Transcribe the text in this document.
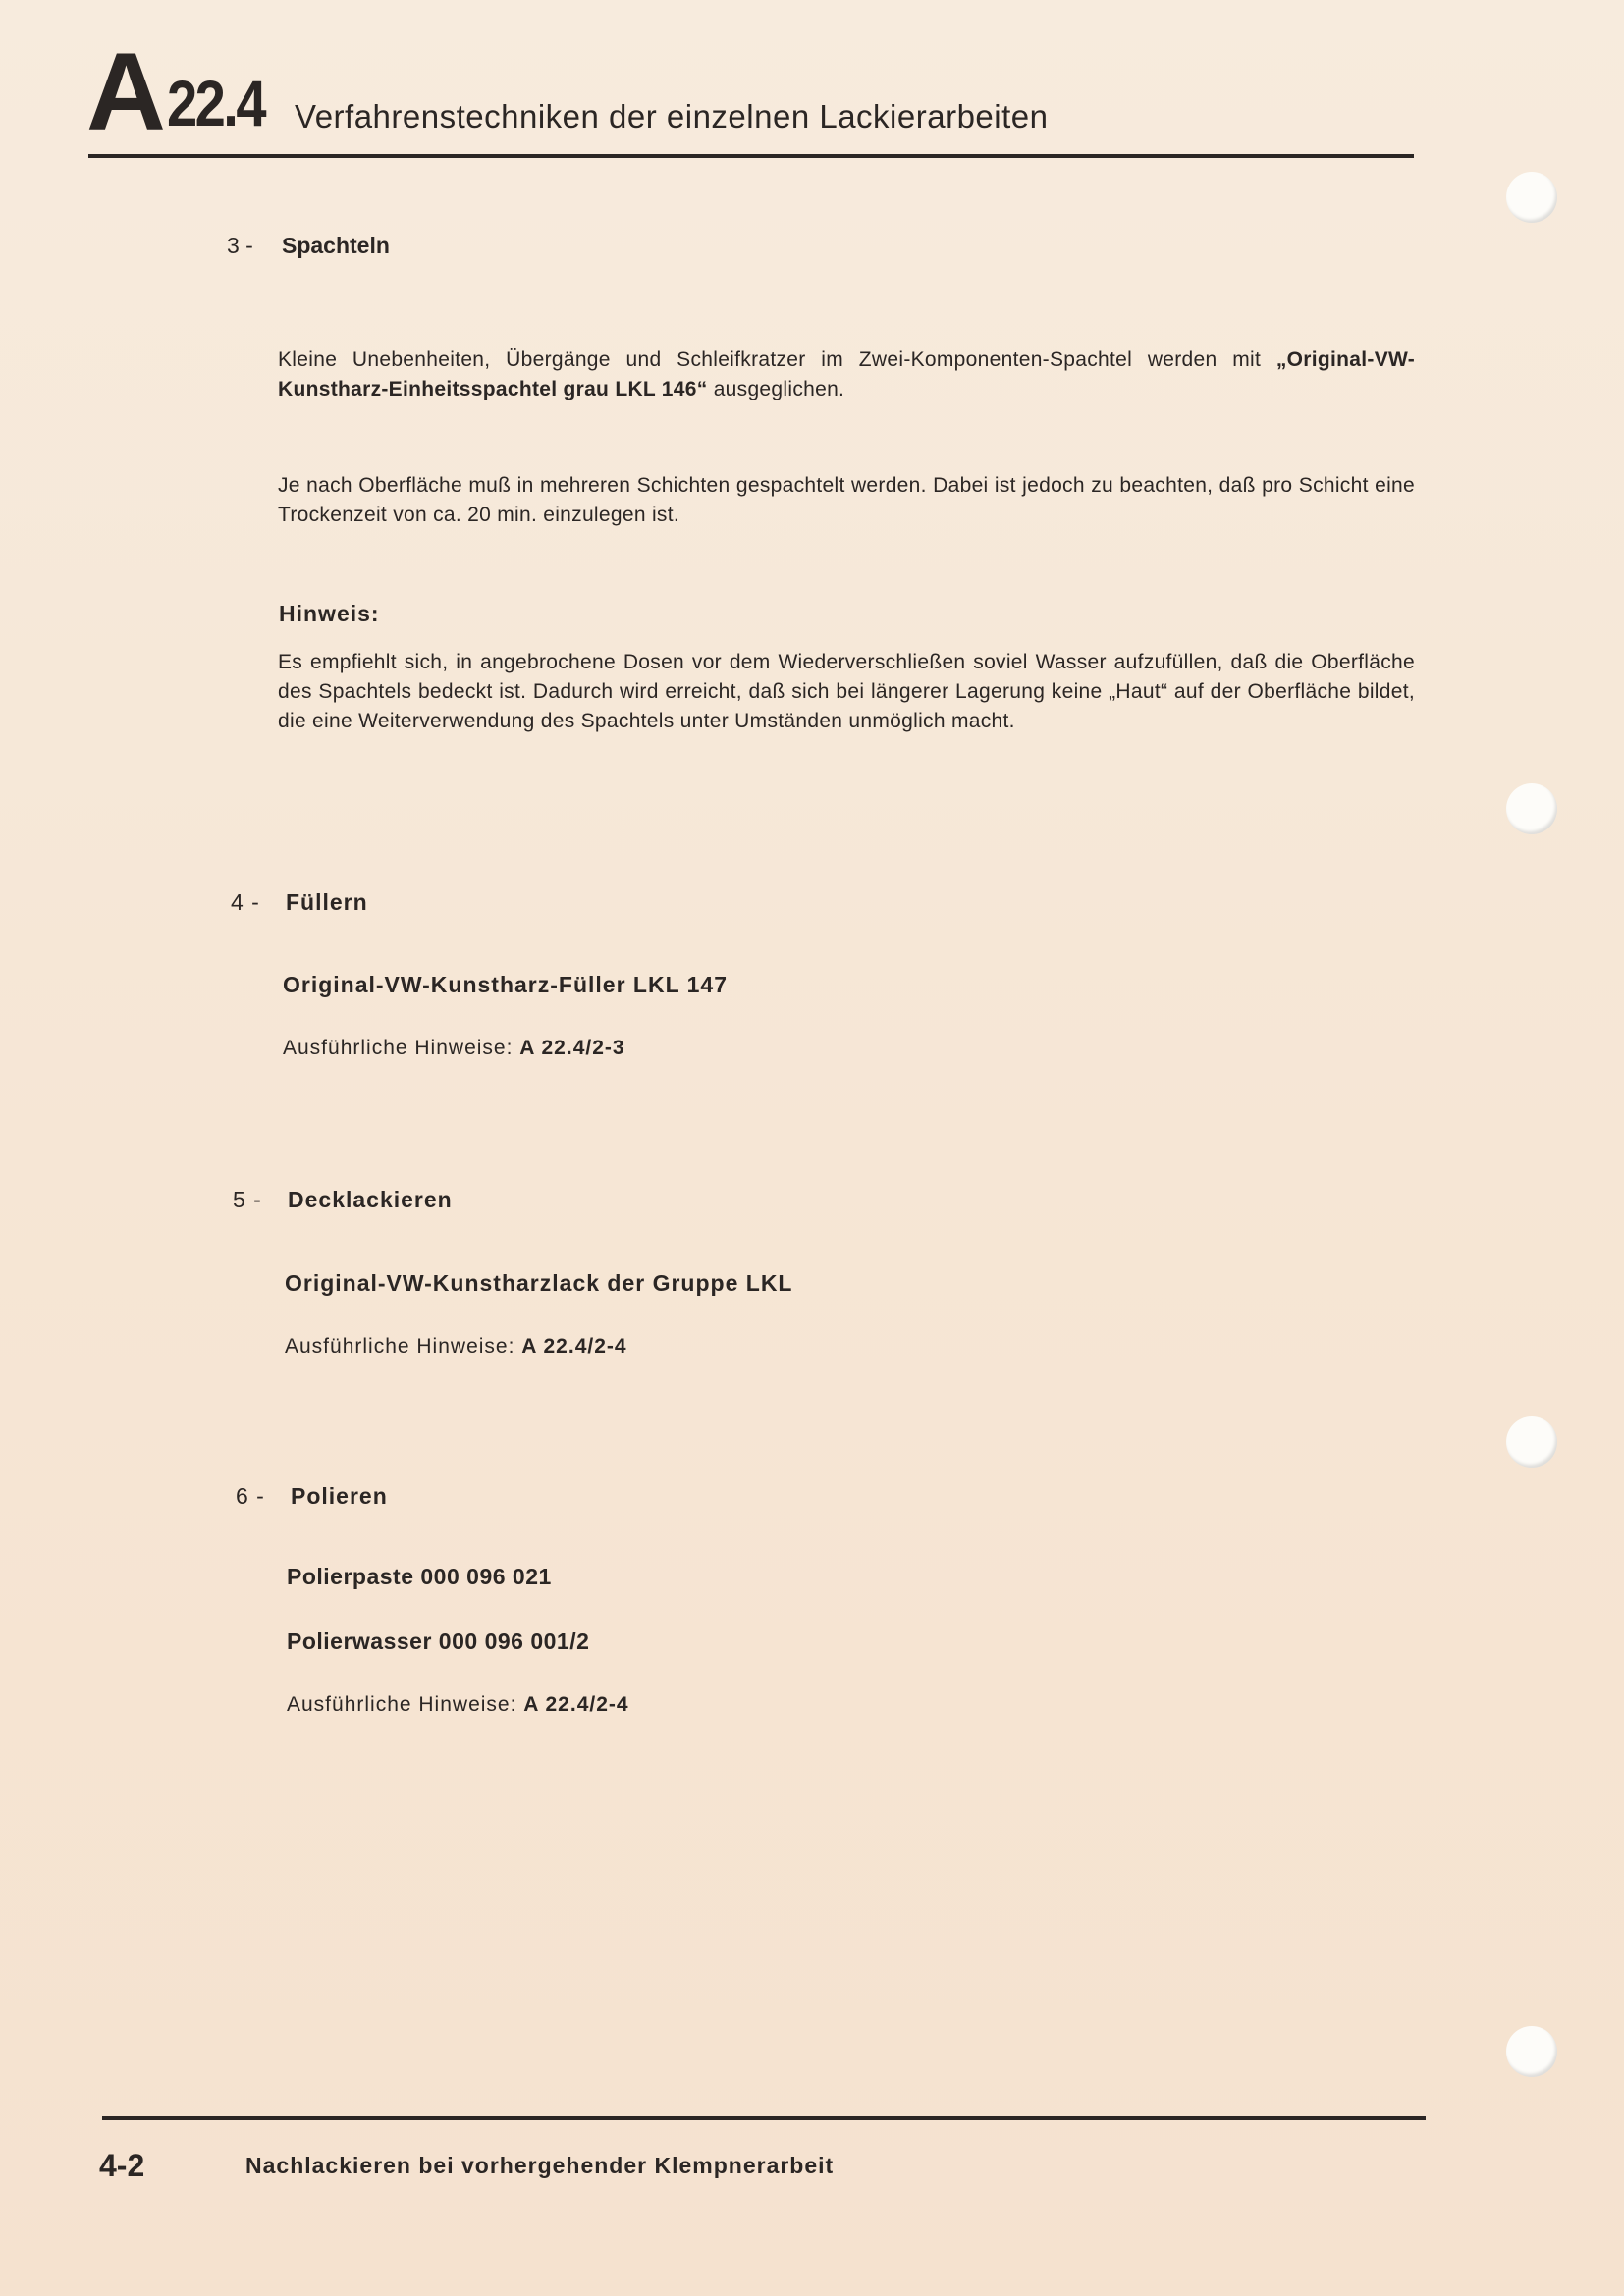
A 22.4 Verfahrenstechniken der einzelnen Lackierarbeiten
3 - Spachteln
Kleine Unebenheiten, Übergänge und Schleifkratzer im Zwei-Komponenten-Spachtel werden mit „Original-VW-Kunstharz-Einheitsspachtel grau LKL 146“ ausgeglichen.
Je nach Oberfläche muß in mehreren Schichten gespachtelt werden. Dabei ist jedoch zu beachten, daß pro Schicht eine Trockenzeit von ca. 20 min. einzulegen ist.
Hinweis:
Es empfiehlt sich, in angebrochene Dosen vor dem Wiederverschließen soviel Wasser aufzufüllen, daß die Oberfläche des Spachtels bedeckt ist. Dadurch wird erreicht, daß sich bei längerer Lagerung keine „Haut“ auf der Oberfläche bildet, die eine Weiterverwendung des Spachtels unter Umständen unmöglich macht.
4 - Füllern
Original-VW-Kunstharz-Füller LKL 147
Ausführliche Hinweise: A 22.4/2-3
5 - Decklackieren
Original-VW-Kunstharzlack der Gruppe LKL
Ausführliche Hinweise: A 22.4/2-4
6 - Polieren
Polierpaste 000 096 021
Polierwasser 000 096 001/2
Ausführliche Hinweise: A 22.4/2-4
4-2	Nachlackieren bei vorhergehender Klempnerarbeit
